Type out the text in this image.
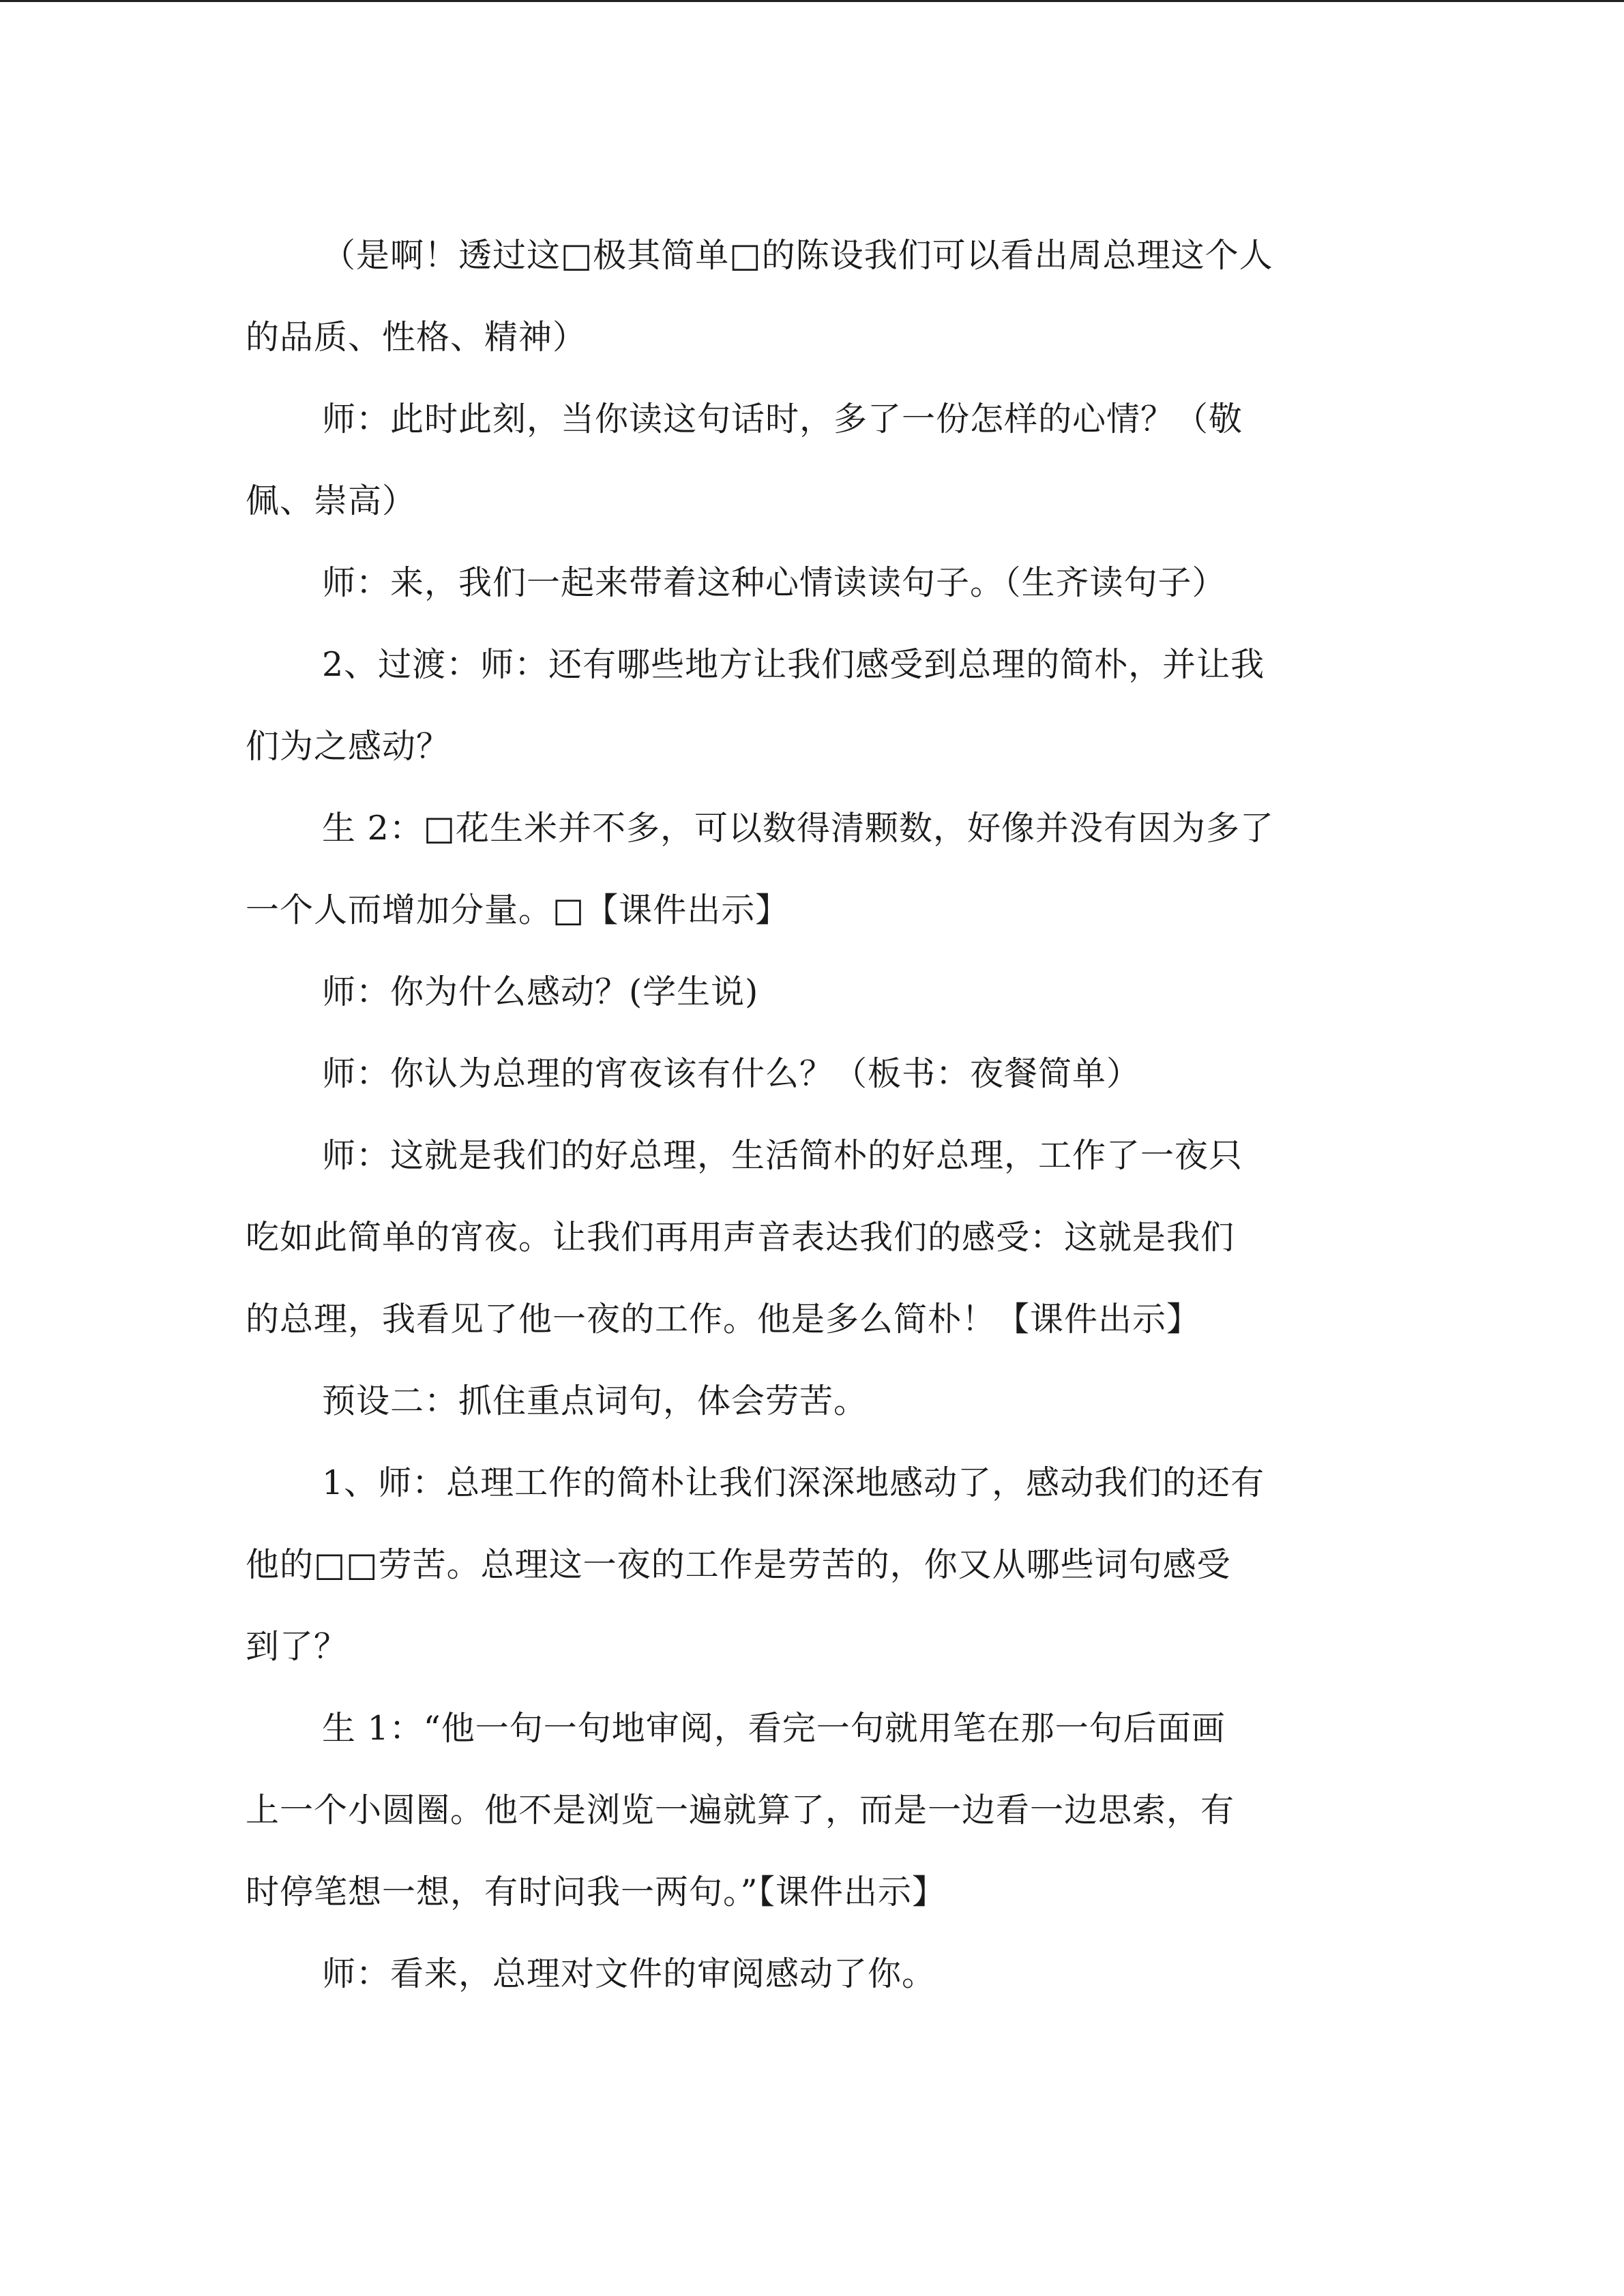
（是啊！透过这□极其简单□的陈设我们可以看出周总理这个人
的品质、性格、精神）
师：此时此刻，当你读这句话时，多了一份怎样的心情？（敬
佩、崇高）
师：来，我们一起来带着这种心情读读句子。（生齐读句子）
2、过渡：师：还有哪些地方让我们感受到总理的简朴，并让我
们为之感动？
生 2：□花生米并不多，可以数得清颗数，好像并没有因为多了
一个人而增加分量。□【课件出示】
师：你为什么感动？(学生说)
师：你认为总理的宵夜该有什么？（板书：夜餐简单）
师：这就是我们的好总理，生活简朴的好总理，工作了一夜只
吃如此简单的宵夜。让我们再用声音表达我们的感受：这就是我们
的总理，我看见了他一夜的工作。他是多么简朴！【课件出示】
预设二：抓住重点词句，体会劳苦。
1、师：总理工作的简朴让我们深深地感动了，感动我们的还有
他的□□劳苦。总理这一夜的工作是劳苦的，你又从哪些词句感受
到了？
生 1：“他一句一句地审阅，看完一句就用笔在那一句后面画
上一个小圆圈。他不是浏览一遍就算了，而是一边看一边思索，有
时停笔想一想，有时问我一两句。”【课件出示】
师：看来，总理对文件的审阅感动了你。
